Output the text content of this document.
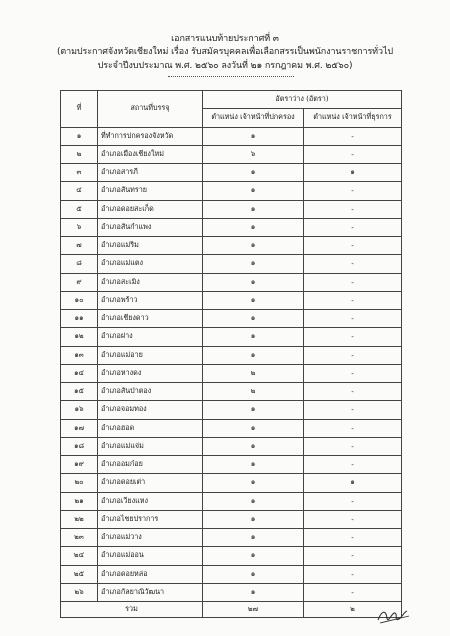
เอกสารแนบท้ายประกาศที่ ๓
(ตามประกาศจังหวัดเชียงใหม่ เรื่อง รับสมัครบุคคลเพื่อเลือกสรรเป็นพนักงานราชการทั่วไป
ประจำปีงบประมาณ พ.ศ. ๒๕๖๐ ลงวันที่ ๒๑ กรกฎาคม พ.ศ. ๒๕๖๐)
ที่	สถานที่บรรจุ	อัตราว่าง (อัตรา)	
		ตำแหน่ง เจ้าหน้าที่ปกครอง	ตำแหน่ง เจ้าหน้าที่ธุรการ
๑	ที่ทำการปกครองจังหวัด	๑	-
๒	อำเภอเมืองเชียงใหม่	๖	-
๓	อำเภอสารภี	๑	๑
๔	อำเภอสันทราย	๑	-
๕	อำเภอดอยสะเก็ด	๑	-
๖	อำเภอสันกำแพง	๑	-
๗	อำเภอแม่ริม	๑	-
๘	อำเภอแม่แตง	๑	-
๙	อำเภอสะเมิง	๑	-
๑๐	อำเภอพร้าว	๑	-
๑๑	อำเภอเชียงดาว	๑	-
๑๒	อำเภอฝาง	๑	-
๑๓	อำเภอแม่อาย	๑	-
๑๔	อำเภอหางดง	๒	-
๑๕	อำเภอสันป่าตอง	๒	-
๑๖	อำเภอจอมทอง	๑	-
๑๗	อำเภอฮอด	๑	-
๑๘	อำเภอแม่แจ่ม	๑	-
๑๙	อำเภออมก๋อย	๑	-
๒๐	อำเภอดอยเต่า	๑	๑
๒๑	อำเภอเวียงแหง	๑	-
๒๒	อำเภอไชยปราการ	๑	-
๒๓	อำเภอแม่วาง	๑	-
๒๔	อำเภอแม่ออน	๑	-
๒๕	อำเภอดอยหล่อ	๑	-
๒๖	อำเภอกัลยาณิวัฒนา	๑	-
รวม		๒๗	๒
